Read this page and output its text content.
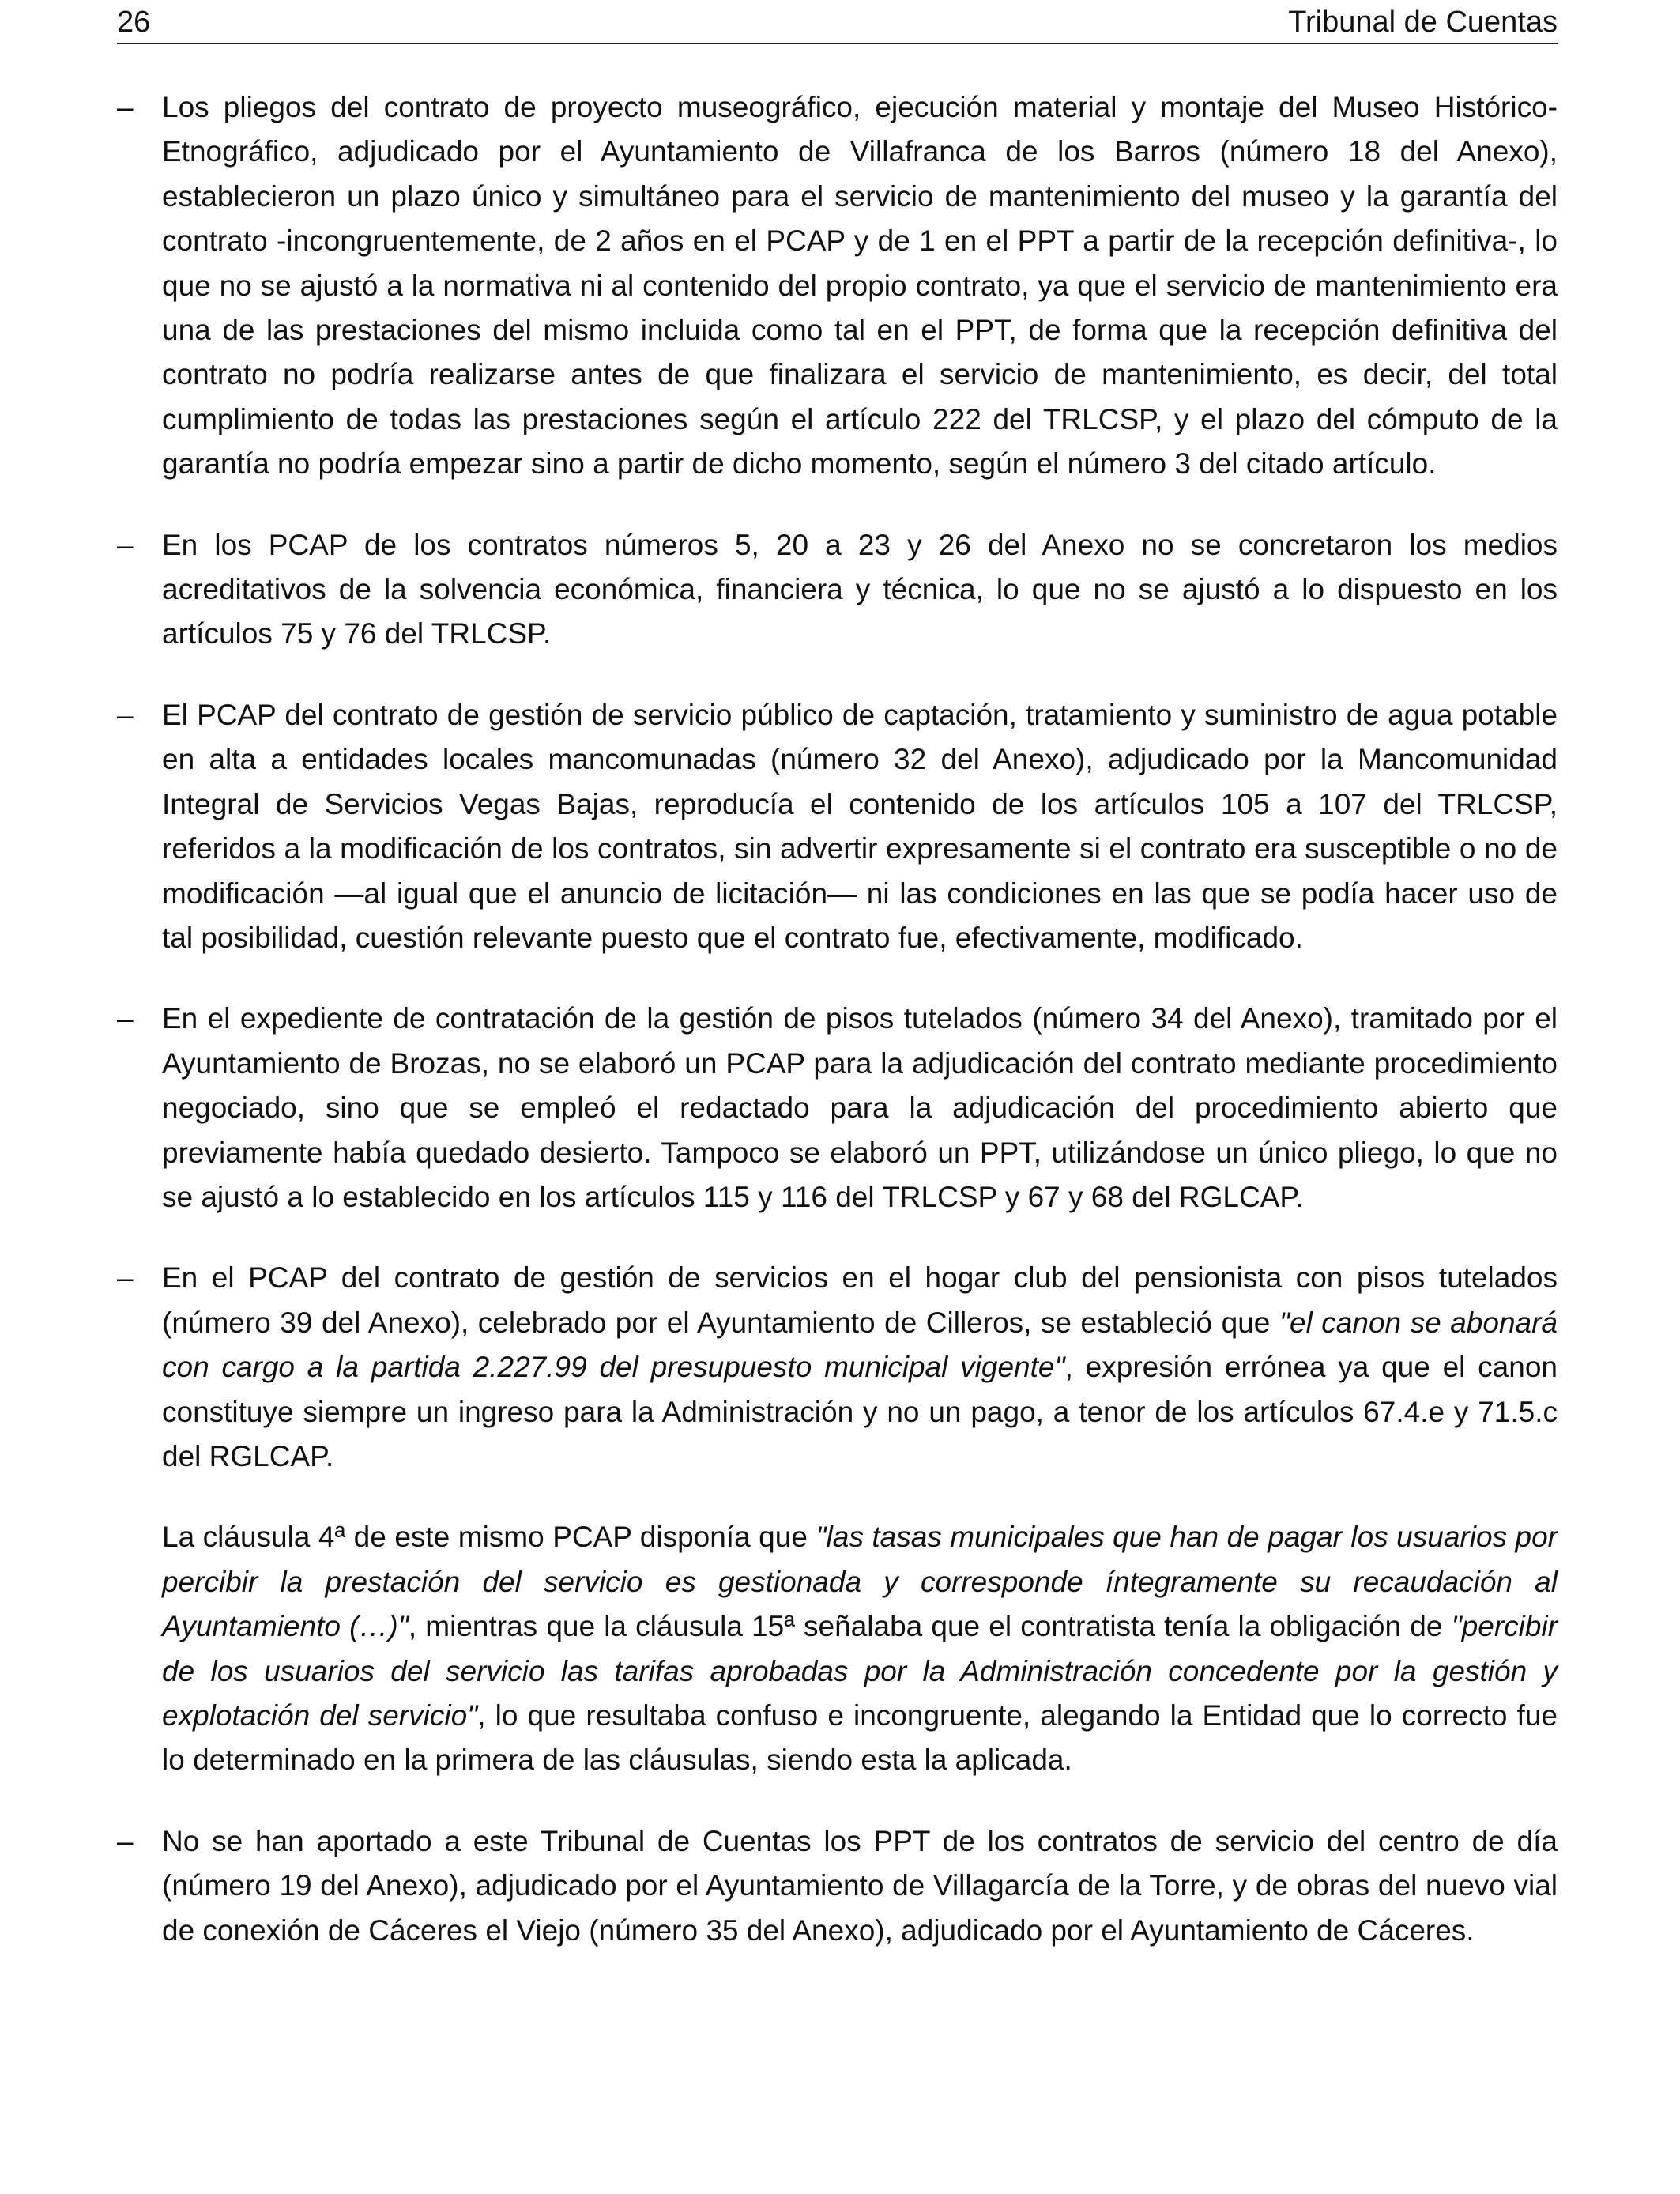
26	Tribunal de Cuentas
– Los pliegos del contrato de proyecto museográfico, ejecución material y montaje del Museo Histórico-Etnográfico, adjudicado por el Ayuntamiento de Villafranca de los Barros (número 18 del Anexo), establecieron un plazo único y simultáneo para el servicio de mantenimiento del museo y la garantía del contrato -incongruentemente, de 2 años en el PCAP y de 1 en el PPT a partir de la recepción definitiva-, lo que no se ajustó a la normativa ni al contenido del propio contrato, ya que el servicio de mantenimiento era una de las prestaciones del mismo incluida como tal en el PPT, de forma que la recepción definitiva del contrato no podría realizarse antes de que finalizara el servicio de mantenimiento, es decir, del total cumplimiento de todas las prestaciones según el artículo 222 del TRLCSP, y el plazo del cómputo de la garantía no podría empezar sino a partir de dicho momento, según el número 3 del citado artículo.

– En los PCAP de los contratos números 5, 20 a 23 y 26 del Anexo no se concretaron los medios acreditativos de la solvencia económica, financiera y técnica, lo que no se ajustó a lo dispuesto en los artículos 75 y 76 del TRLCSP.

– El PCAP del contrato de gestión de servicio público de captación, tratamiento y suministro de agua potable en alta a entidades locales mancomunadas (número 32 del Anexo), adjudicado por la Mancomunidad Integral de Servicios Vegas Bajas, reproducía el contenido de los artículos 105 a 107 del TRLCSP, referidos a la modificación de los contratos, sin advertir expresamente si el contrato era susceptible o no de modificación —al igual que el anuncio de licitación— ni las condiciones en las que se podía hacer uso de tal posibilidad, cuestión relevante puesto que el contrato fue, efectivamente, modificado.

– En el expediente de contratación de la gestión de pisos tutelados (número 34 del Anexo), tramitado por el Ayuntamiento de Brozas, no se elaboró un PCAP para la adjudicación del contrato mediante procedimiento negociado, sino que se empleó el redactado para la adjudicación del procedimiento abierto que previamente había quedado desierto. Tampoco se elaboró un PPT, utilizándose un único pliego, lo que no se ajustó a lo establecido en los artículos 115 y 116 del TRLCSP y 67 y 68 del RGLCAP.

– En el PCAP del contrato de gestión de servicios en el hogar club del pensionista con pisos tutelados (número 39 del Anexo), celebrado por el Ayuntamiento de Cilleros, se estableció que "el canon se abonará con cargo a la partida 2.227.99 del presupuesto municipal vigente", expresión errónea ya que el canon constituye siempre un ingreso para la Administración y no un pago, a tenor de los artículos 67.4.e y 71.5.c del RGLCAP.

La cláusula 4ª de este mismo PCAP disponía que "las tasas municipales que han de pagar los usuarios por percibir la prestación del servicio es gestionada y corresponde íntegramente su recaudación al Ayuntamiento (…)", mientras que la cláusula 15ª señalaba que el contratista tenía la obligación de "percibir de los usuarios del servicio las tarifas aprobadas por la Administración concedente por la gestión y explotación del servicio", lo que resultaba confuso e incongruente, alegando la Entidad que lo correcto fue lo determinado en la primera de las cláusulas, siendo esta la aplicada.

– No se han aportado a este Tribunal de Cuentas los PPT de los contratos de servicio del centro de día (número 19 del Anexo), adjudicado por el Ayuntamiento de Villagarcía de la Torre, y de obras del nuevo vial de conexión de Cáceres el Viejo (número 35 del Anexo), adjudicado por el Ayuntamiento de Cáceres.
